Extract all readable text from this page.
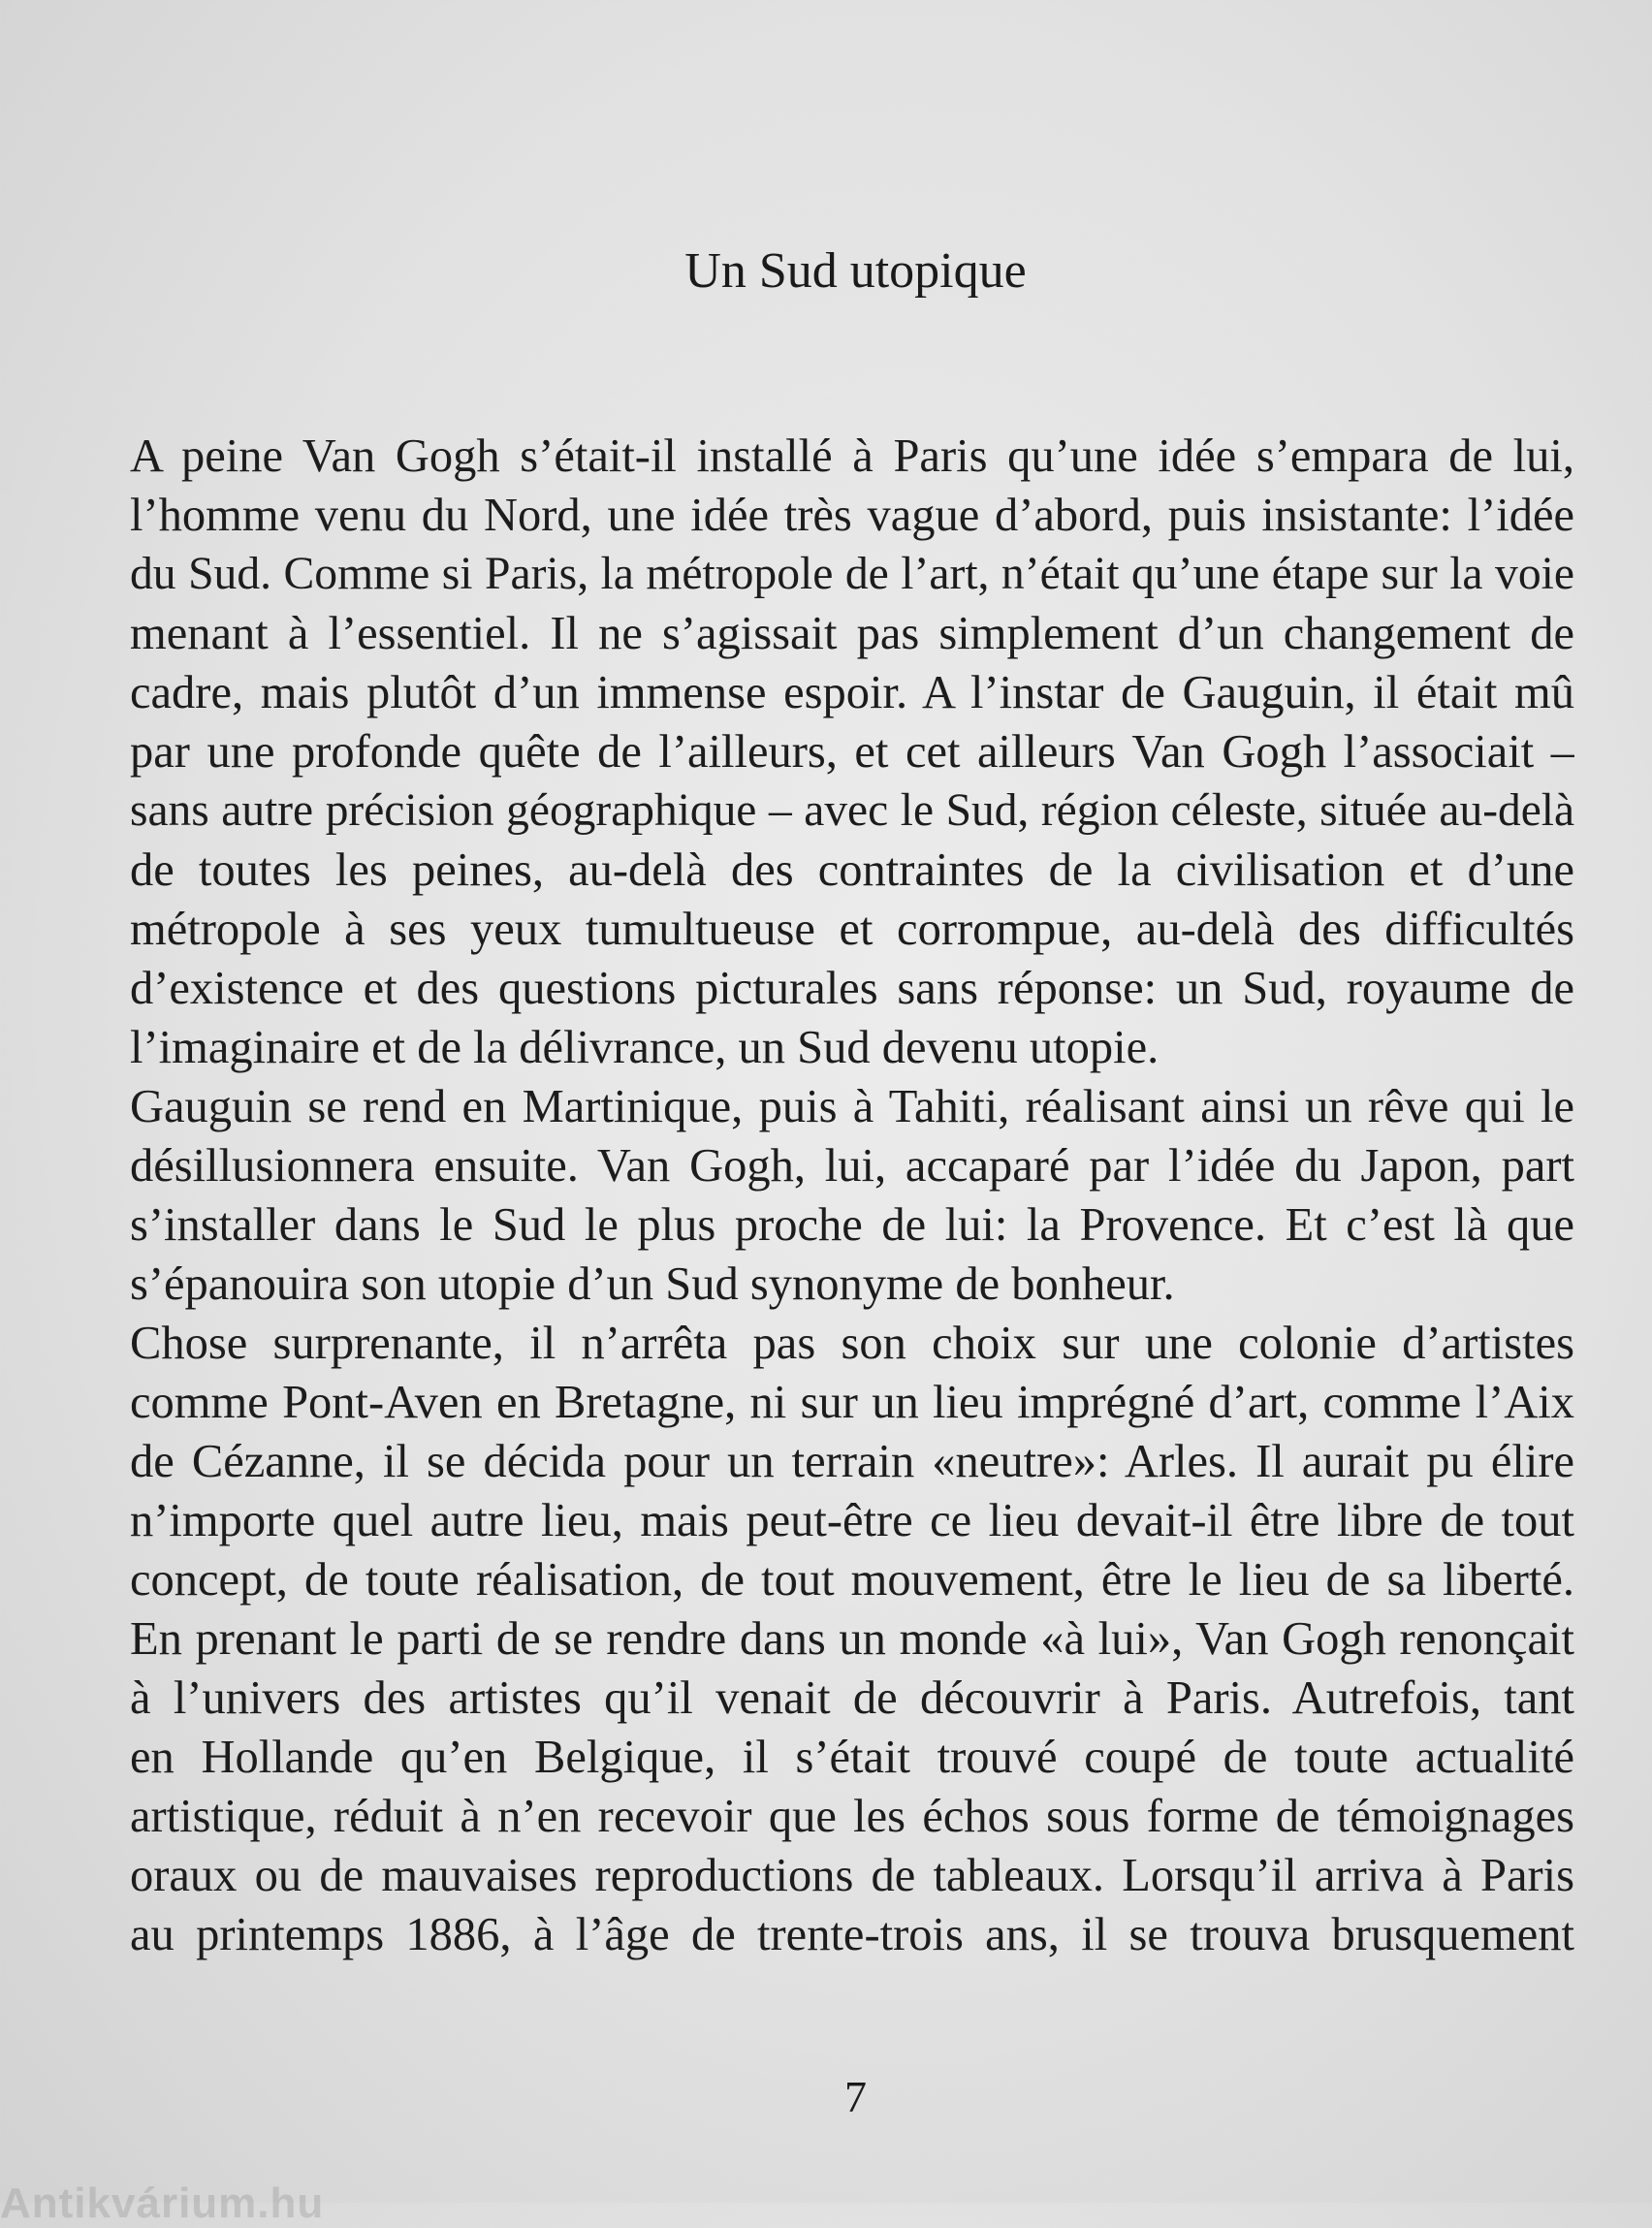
Un Sud utopique
A peine Van Gogh s’était-il installé à Paris qu’une idée s’empara de lui,
l’homme venu du Nord, une idée très vague d’abord, puis insistante: l’idée
du Sud. Comme si Paris, la métropole de l’art, n’était qu’une étape sur la voie
menant à l’essentiel. Il ne s’agissait pas simplement d’un changement de
cadre, mais plutôt d’un immense espoir. A l’instar de Gauguin, il était mû
par une profonde quête de l’ailleurs, et cet ailleurs Van Gogh l’associait –
sans autre précision géographique – avec le Sud, région céleste, située au-delà
de toutes les peines, au-delà des contraintes de la civilisation et d’une
métropole à ses yeux tumultueuse et corrompue, au-delà des difficultés
d’existence et des questions picturales sans réponse: un Sud, royaume de
l’imaginaire et de la délivrance, un Sud devenu utopie.
Gauguin se rend en Martinique, puis à Tahiti, réalisant ainsi un rêve qui le
désillusionnera ensuite. Van Gogh, lui, accaparé par l’idée du Japon, part
s’installer dans le Sud le plus proche de lui: la Provence. Et c’est là que
s’épanouira son utopie d’un Sud synonyme de bonheur.
Chose surprenante, il n’arrêta pas son choix sur une colonie d’artistes
comme Pont-Aven en Bretagne, ni sur un lieu imprégné d’art, comme l’Aix
de Cézanne, il se décida pour un terrain «neutre»: Arles. Il aurait pu élire
n’importe quel autre lieu, mais peut-être ce lieu devait-il être libre de tout
concept, de toute réalisation, de tout mouvement, être le lieu de sa liberté.
En prenant le parti de se rendre dans un monde «à lui», Van Gogh renonçait
à l’univers des artistes qu’il venait de découvrir à Paris. Autrefois, tant
en Hollande qu’en Belgique, il s’était trouvé coupé de toute actualité
artistique, réduit à n’en recevoir que les échos sous forme de témoignages
oraux ou de mauvaises reproductions de tableaux. Lorsqu’il arriva à Paris
au printemps 1886, à l’âge de trente-trois ans, il se trouva brusquement
7
Antikvárium.hu
